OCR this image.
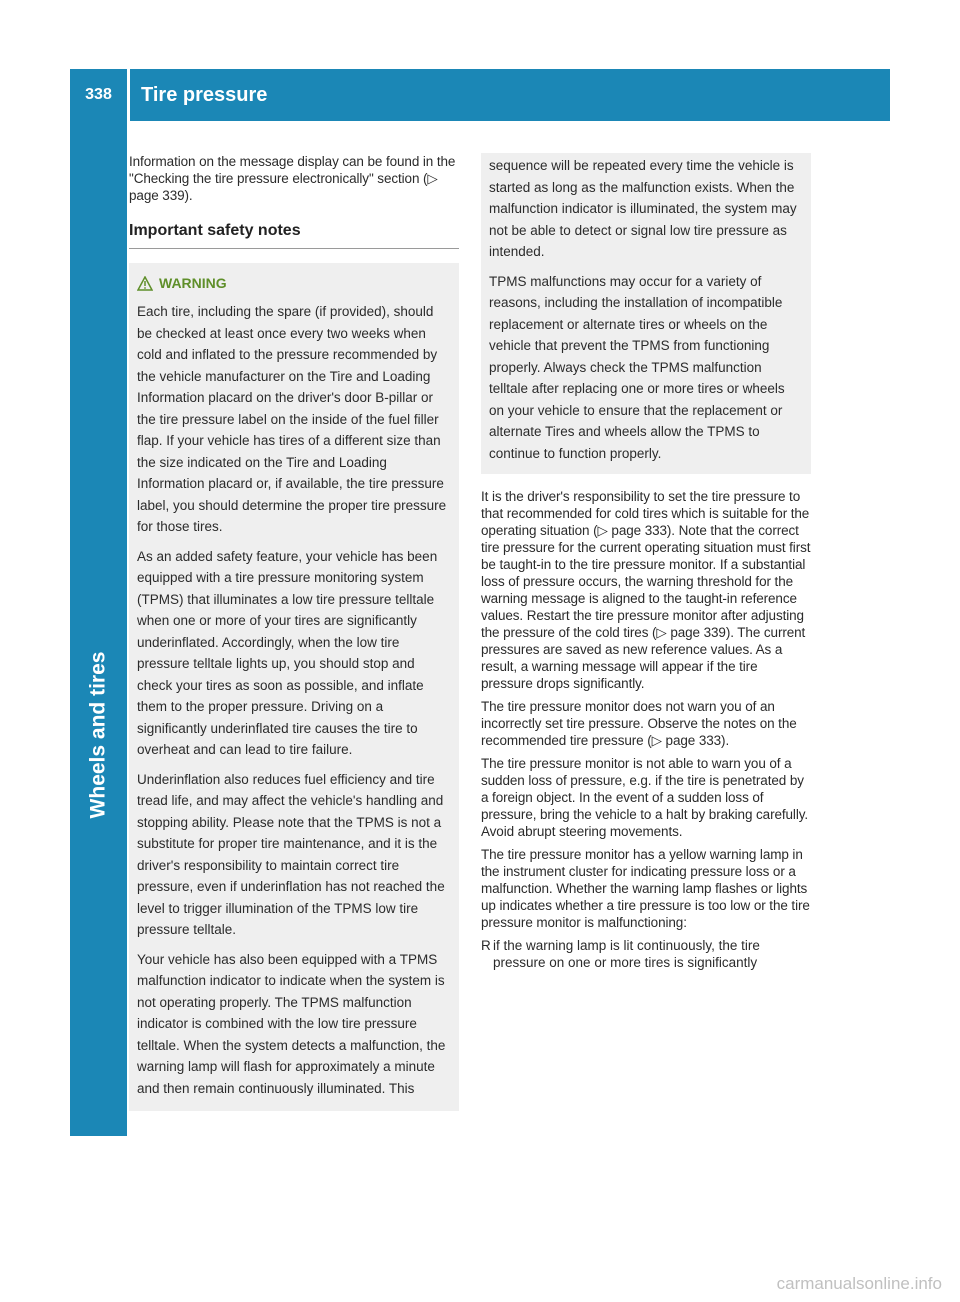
338	Tire pressure
Wheels and tires

Information on the message display can be found in the "Checking the tire pressure electronically" section (▷ page 339).

Important safety notes
WARNING

Each tire, including the spare (if provided), should be checked at least once every two weeks when cold and inflated to the pressure recommended by the vehicle manufacturer on the Tire and Loading Information placard on the driver's door B-pillar or the tire pressure label on the inside of the fuel filler flap. If your vehicle has tires of a different size than the size indicated on the Tire and Loading Information placard or, if available, the tire pressure label, you should determine the proper tire pressure for those tires.

As an added safety feature, your vehicle has been equipped with a tire pressure monitoring system (TPMS) that illuminates a low tire pressure telltale when one or more of your tires are significantly underinflated. Accordingly, when the low tire pressure telltale lights up, you should stop and check your tires as soon as possible, and inflate them to the proper pressure. Driving on a significantly underinflated tire causes the tire to overheat and can lead to tire failure.

Underinflation also reduces fuel efficiency and tire tread life, and may affect the vehicle's handling and stopping ability. Please note that the TPMS is not a substitute for proper tire maintenance, and it is the driver's responsibility to maintain correct tire pressure, even if underinflation has not reached the level to trigger illumination of the TPMS low tire pressure telltale.

Your vehicle has also been equipped with a TPMS malfunction indicator to indicate when the system is not operating properly. The TPMS malfunction indicator is combined with the low tire pressure telltale. When the system detects a malfunction, the warning lamp will flash for approximately a minute and then remain continuously illuminated. This

sequence will be repeated every time the vehicle is started as long as the malfunction exists. When the malfunction indicator is illuminated, the system may not be able to detect or signal low tire pressure as intended.

TPMS malfunctions may occur for a variety of reasons, including the installation of incompatible replacement or alternate tires or wheels on the vehicle that prevent the TPMS from functioning properly. Always check the TPMS malfunction telltale after replacing one or more tires or wheels on your vehicle to ensure that the replacement or alternate Tires and wheels allow the TPMS to continue to function properly.

It is the driver's responsibility to set the tire pressure to that recommended for cold tires which is suitable for the operating situation (▷ page 333). Note that the correct tire pressure for the current operating situation must first be taught-in to the tire pressure monitor. If a substantial loss of pressure occurs, the warning threshold for the warning message is aligned to the taught-in reference values. Restart the tire pressure monitor after adjusting the pressure of the cold tires (▷ page 339). The current pressures are saved as new reference values. As a result, a warning message will appear if the tire pressure drops significantly.

The tire pressure monitor does not warn you of an incorrectly set tire pressure. Observe the notes on the recommended tire pressure (▷ page 333).

The tire pressure monitor is not able to warn you of a sudden loss of pressure, e.g. if the tire is penetrated by a foreign object. In the event of a sudden loss of pressure, bring the vehicle to a halt by braking carefully. Avoid abrupt steering movements.

The tire pressure monitor has a yellow warning lamp in the instrument cluster for indicating pressure loss or a malfunction. Whether the warning lamp flashes or lights up indicates whether a tire pressure is too low or the tire pressure monitor is malfunctioning:

R if the warning lamp is lit continuously, the tire pressure on one or more tires is significantly
carmanualsonline.info
